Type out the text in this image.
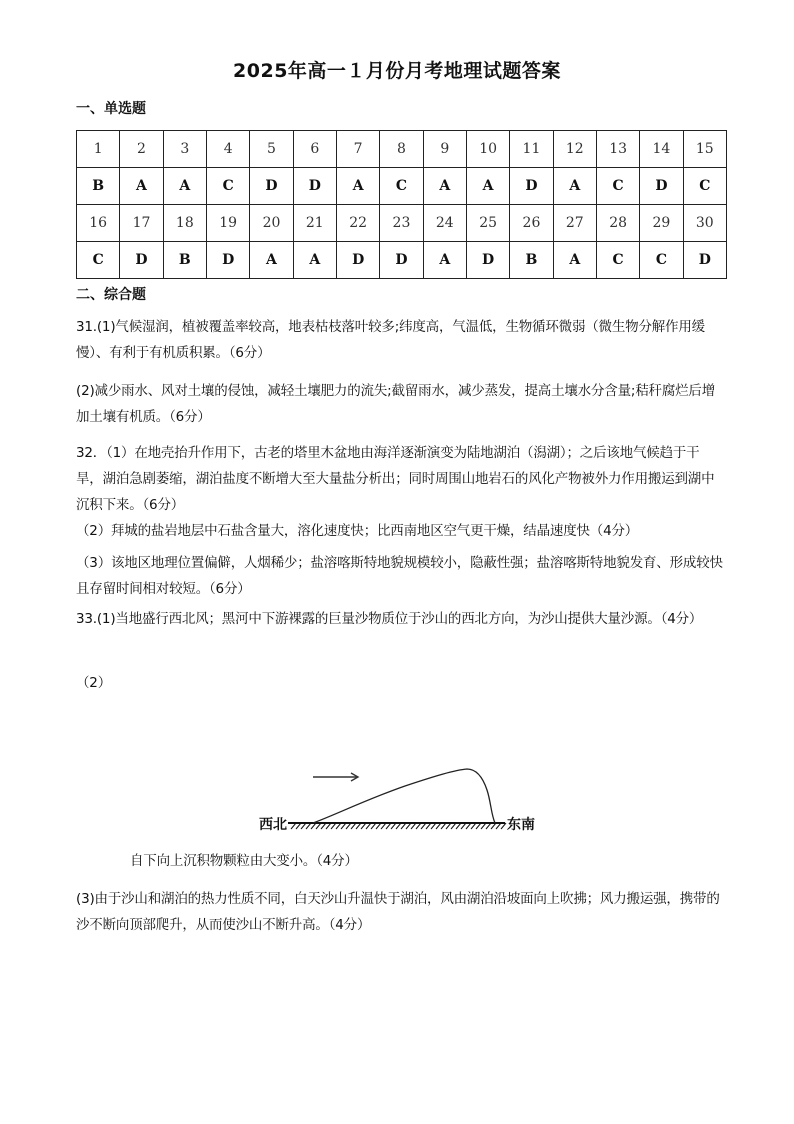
2025年高一１月份月考地理试题答案
一、单选题
1	2	3	4	5	6	7	8	9	10	11	12	13	14	15
B	A	A	C	D	D	A	C	A	A	D	A	C	D	C
16	17	18	19	20	21	22	23	24	25	26	27	28	29	30
C	D	B	D	A	A	D	D	A	D	B	A	C	C	D
二、综合题
31.(1)气候湿润，植被覆盖率较高，地表枯枝落叶较多;纬度高，气温低，生物循环微弱（微生物分解作用缓慢）、有利于有机质积累。（6分）
(2)减少雨水、风对土壤的侵蚀，减轻土壤肥力的流失;截留雨水，减少蒸发，提高土壤水分含量;秸秆腐烂后增加土壤有机质。（6分）
32．（1）在地壳抬升作用下，古老的塔里木盆地由海洋逐渐演变为陆地湖泊（潟湖）；之后该地气候趋于干旱，湖泊急剧萎缩，湖泊盐度不断增大至大量盐分析出；同时周围山地岩石的风化产物被外力作用搬运到湖中沉积下来。（6分）
（2）拜城的盐岩地层中石盐含量大，溶化速度快；比西南地区空气更干燥，结晶速度快（4分）
（3）该地区地理位置偏僻，人烟稀少；盐溶喀斯特地貌规模较小，隐蔽性强；盐溶喀斯特地貌发育、形成较快且存留时间相对较短。（6分）
33.(1)当地盛行西北风；黑河中下游裸露的巨量沙物质位于沙山的西北方向，为沙山提供大量沙源。（4分）
（2）
西北	东南
自下向上沉积物颗粒由大变小。（4分）
(3)由于沙山和湖泊的热力性质不同，白天沙山升温快于湖泊，风由湖泊沿坡面向上吹拂；风力搬运强，携带的沙不断向顶部爬升，从而使沙山不断升高。（4分）
